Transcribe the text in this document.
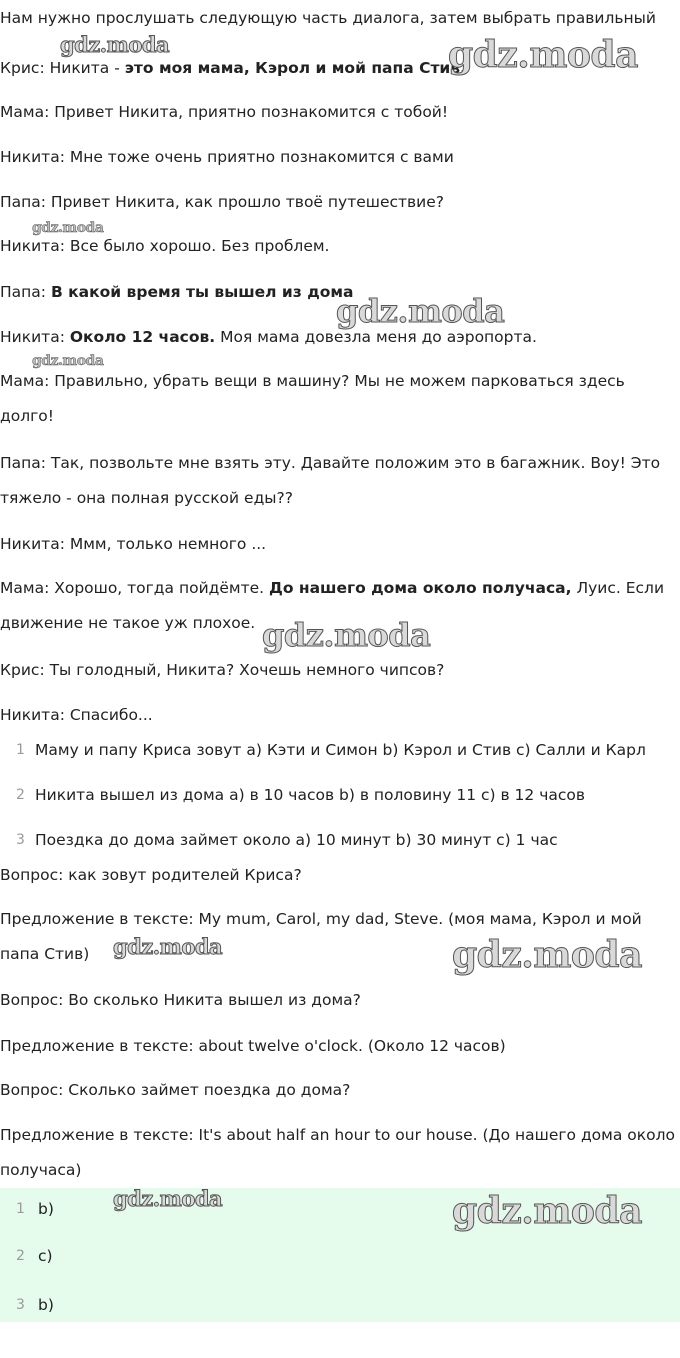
Нам нужно прослушать следующую часть диалога, затем выбрать правильный
Крис: Никита - это моя мама, Кэрол и мой папа Стив.
Мама: Привет Никита, приятно познакомится с тобой!
Никита: Мне тоже очень приятно познакомится с вами
Папа: Привет Никита, как прошло твоё путешествие?
Никита: Все было хорошо. Без проблем.
Папа: В какой время ты вышел из дома
Никита: Около 12 часов. Моя мама довезла меня до аэропорта.
Мама: Правильно, убрать вещи в машину? Мы не можем парковаться здесь долго!
Папа: Так, позвольте мне взять эту. Давайте положим это в багажник. Воу! Это тяжело - она полная русской еды??
Никита: Ммм, только немного ...
Мама: Хорошо, тогда пойдёмте. До нашего дома около получаса, Луис. Если движение не такое уж плохое.
Крис: Ты голодный, Никита? Хочешь немного чипсов?
Никита: Спасибо...
1 Маму и папу Криса зовут a) Кэти и Симон b) Кэрол и Стив c) Салли и Карл
2 Никита вышел из дома a) в 10 часов b) в половину 11 c) в 12 часов
3 Поездка до дома займет около a) 10 минут b) 30 минут c) 1 час
Вопрос: как зовут родителей Криса?
Предложение в тексте: My mum, Carol, my dad, Steve. (моя мама, Кэрол и мой папа Стив)
Вопрос: Во сколько Никита вышел из дома?
Предложение в тексте: about twelve o'clock. (Около 12 часов)
Вопрос: Сколько займет поездка до дома?
Предложение в тексте: It's about half an hour to our house. (До нашего дома около получаса)
1 b)
2 c)
3 b)
gdz.moda	gdz.moda
gdz.moda
gdz.moda
gdz.moda
gdz.moda
gdz.moda	gdz.moda
gdz.moda	gdz.moda
